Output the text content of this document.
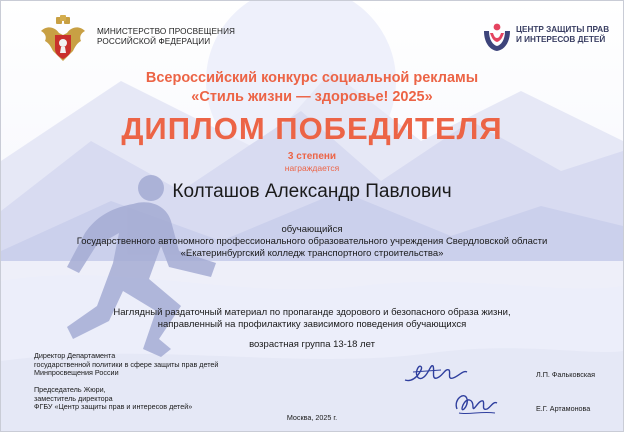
МИНИСТЕРСТВО ПРОСВЕЩЕНИЯ
РОССИЙСКОЙ ФЕДЕРАЦИИ
ЦЕНТР ЗАЩИТЫ ПРАВ
И ИНТЕРЕСОВ ДЕТЕЙ
Всероссийский конкурс социальной рекламы
«Стиль жизни — здоровье! 2025»
ДИПЛОМ ПОБЕДИТЕЛЯ
3 степени
награждается
Колташов Александр Павлович
обучающийся
Государственного автономного профессионального образовательного учреждения Свердловской области
«Екатеринбургский колледж транспортного строительства»
Наглядный раздаточный материал по пропаганде здорового и безопасного образа жизни,
направленный на профилактику зависимого поведения обучающихся
возрастная группа 13-18 лет
Директор Департамента
государственной политики в сфере защиты прав детей
Минпросвещения России
Председатель Жюри,
заместитель директора
ФГБУ «Центр защиты прав и интересов детей»
Л.П. Фальковская
Е.Г. Артамонова
Москва, 2025 г.
